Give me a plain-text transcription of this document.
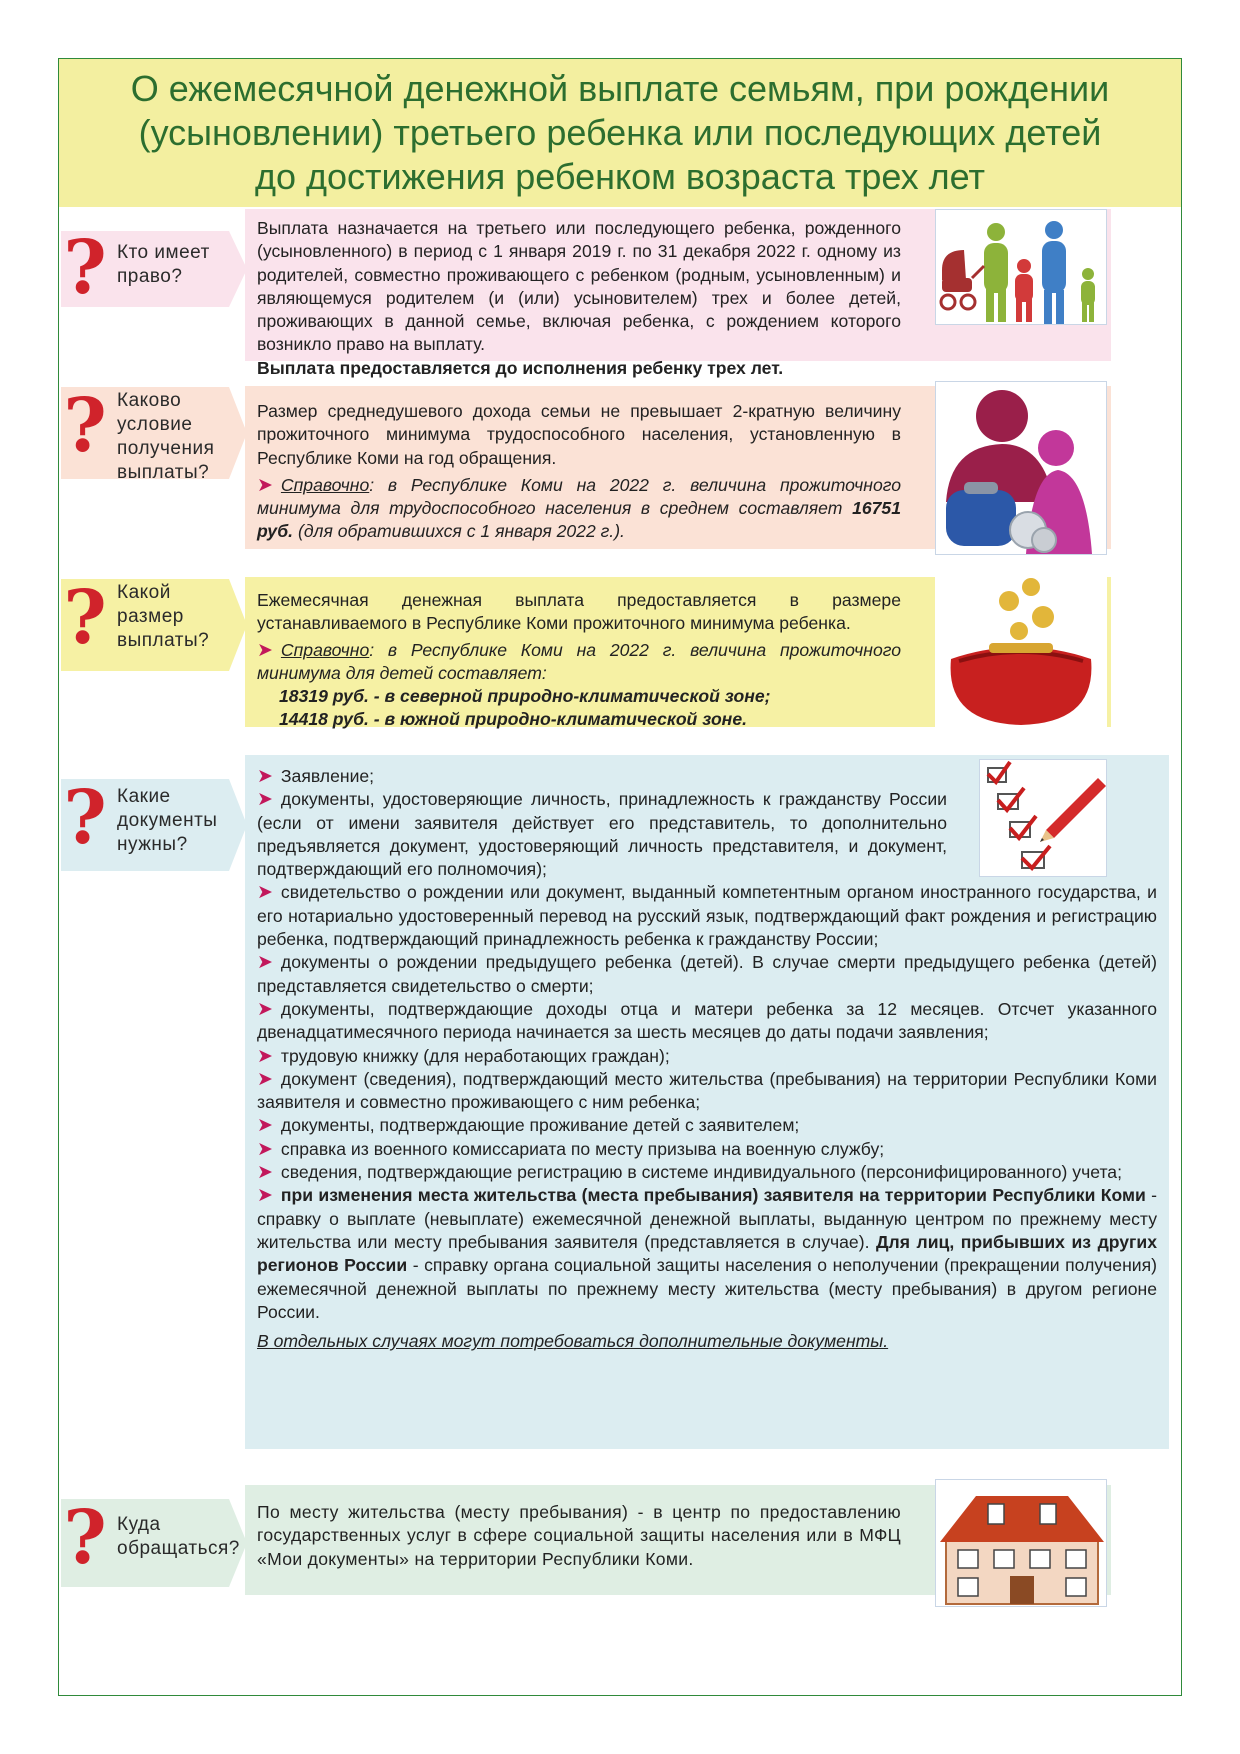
О ежемесячной денежной выплате семьям, при рождении
(усыновлении) третьего ребенка или последующих детей
до достижения ребенком возраста трех лет
? Кто имеет
право?

Выплата назначается на третьего или последующего ребенка, рожденного (усыновленного) в период с 1 января 2019 г. по 31 декабря 2022 г. одному из родителей, совместно проживающего с ребенком (родным, усыновленным) и являющемуся родителем (и (или) усыновителем) трех и более детей, проживающих в данной семье, включая ребенка, с рождением которого возникло право на выплату.

Выплата предоставляется до исполнения ребенку трех лет.

? Каково
условие
получения
выплаты?

Размер среднедушевого дохода семьи не превышает 2-кратную величину прожиточного минимума трудоспособного населения, установленную в Республике Коми на год обращения.

➤ Справочно: в Республике Коми на 2022 г. величина прожиточного минимума для трудоспособного населения в среднем составляет 16751 руб. (для обратившихся с 1 января 2022 г.).

? Какой
размер
выплаты?

Ежемесячная денежная выплата предоставляется в размере устанавливаемого в Республике Коми прожиточного минимума ребенка.

➤ Справочно: в Республике Коми на 2022 г. величина прожиточного минимума для детей составляет:

18319 руб. - в северной природно-климатической зоне;

14418 руб. - в южной природно-климатической зоне.

? Какие
документы
нужны?

➤ Заявление;

➤ документы, удостоверяющие личность, принадлежность к гражданству России (если от имени заявителя действует его представитель, то дополнительно предъявляется документ, удостоверяющий личность представителя, и документ, подтверждающий его полномочия);

➤ свидетельство о рождении или документ, выданный компетентным органом иностранного государства, и его нотариально удостоверенный перевод на русский язык, подтверждающий факт рождения и регистрацию ребенка, подтверждающий принадлежность ребенка к гражданству России;

➤ документы о рождении предыдущего ребенка (детей). В случае смерти предыдущего ребенка (детей) представляется свидетельство о смерти;

➤ документы, подтверждающие доходы отца и матери ребенка за 12 месяцев. Отсчет указанного двенадцатимесячного периода начинается за шесть месяцев до даты подачи заявления;

➤ трудовую книжку (для неработающих граждан);

➤ документ (сведения), подтверждающий место жительства (пребывания) на территории Республики Коми заявителя и совместно проживающего с ним ребенка;

➤ документы, подтверждающие проживание детей с заявителем;

➤ справка из военного комиссариата по месту призыва на военную службу;

➤ сведения, подтверждающие регистрацию в системе индивидуального (персонифицированного) учета;

➤ при изменения места жительства (места пребывания) заявителя на территории Республики Коми - справку о выплате (невыплате) ежемесячной денежной выплаты, выданную центром по прежнему месту жительства или месту пребывания заявителя (представляется в случае). Для лиц, прибывших из других регионов России - справку органа социальной защиты населения о неполучении (прекращении получения) ежемесячной денежной выплаты по прежнему месту жительства (месту пребывания) в другом регионе России.

В отдельных случаях могут потребоваться дополнительные документы.

? Куда
обращаться?

По месту жительства (месту пребывания) - в центр по предоставлению государственных услуг в сфере социальной защиты населения или в МФЦ «Мои документы» на территории Республики Коми.
